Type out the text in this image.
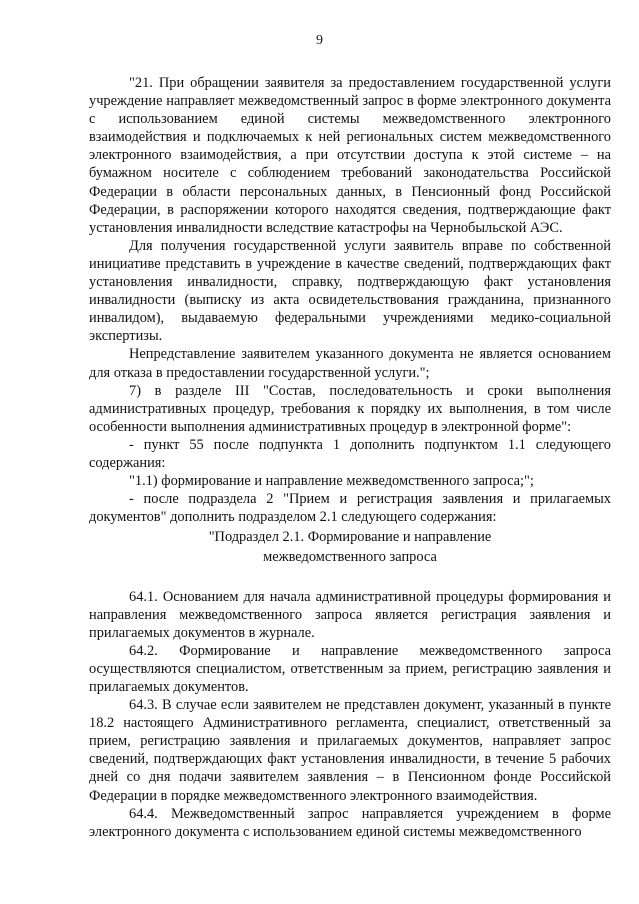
9

"21. При обращении заявителя за предоставлением государственной услуги учреждение направляет межведомственный запрос в форме электронного документа с использованием единой системы межведомственного электронного взаимодействия и подключаемых к ней региональных систем межведомственного электронного взаимодействия, а при отсутствии доступа к этой системе – на бумажном носителе с соблюдением требований законодательства Российской Федерации в области персональных данных, в Пенсионный фонд Российской Федерации, в распоряжении которого находятся сведения, подтверждающие факт установления инвалидности вследствие катастрофы на Чернобыльской АЭС.

Для получения государственной услуги заявитель вправе по собственной инициативе представить в учреждение в качестве сведений, подтверждающих факт установления инвалидности, справку, подтверждающую факт установления инвалидности (выписку из акта освидетельствования гражданина, признанного инвалидом), выдаваемую федеральными учреждениями медико-социальной экспертизы.

Непредставление заявителем указанного документа не является основанием для отказа в предоставлении государственной услуги.";

7) в разделе III "Состав, последовательность и сроки выполнения административных процедур, требования к порядку их выполнения, в том числе особенности выполнения административных процедур в электронной форме":

- пункт 55 после подпункта 1 дополнить подпунктом 1.1 следующего содержания:

"1.1) формирование и направление межведомственного запроса;";

- после подраздела 2 "Прием и регистрация заявления и прилагаемых документов" дополнить подразделом 2.1 следующего содержания:

"Подраздел 2.1. Формирование и направление

межведомственного запроса

64.1. Основанием для начала административной процедуры формирования и направления межведомственного запроса является регистрация заявления и прилагаемых документов в журнале.

64.2. Формирование и направление межведомственного запроса осуществляются специалистом, ответственным за прием, регистрацию заявления и прилагаемых документов.

64.3. В случае если заявителем не представлен документ, указанный в пункте 18.2 настоящего Административного регламента, специалист, ответственный за прием, регистрацию заявления и прилагаемых документов, направляет запрос сведений, подтверждающих факт установления инвалидности, в течение 5 рабочих дней со дня подачи заявителем заявления – в Пенсионном фонде Российской Федерации в порядке межведомственного электронного взаимодействия.

64.4. Межведомственный запрос направляется учреждением в форме электронного документа с использованием единой системы межведомственного
